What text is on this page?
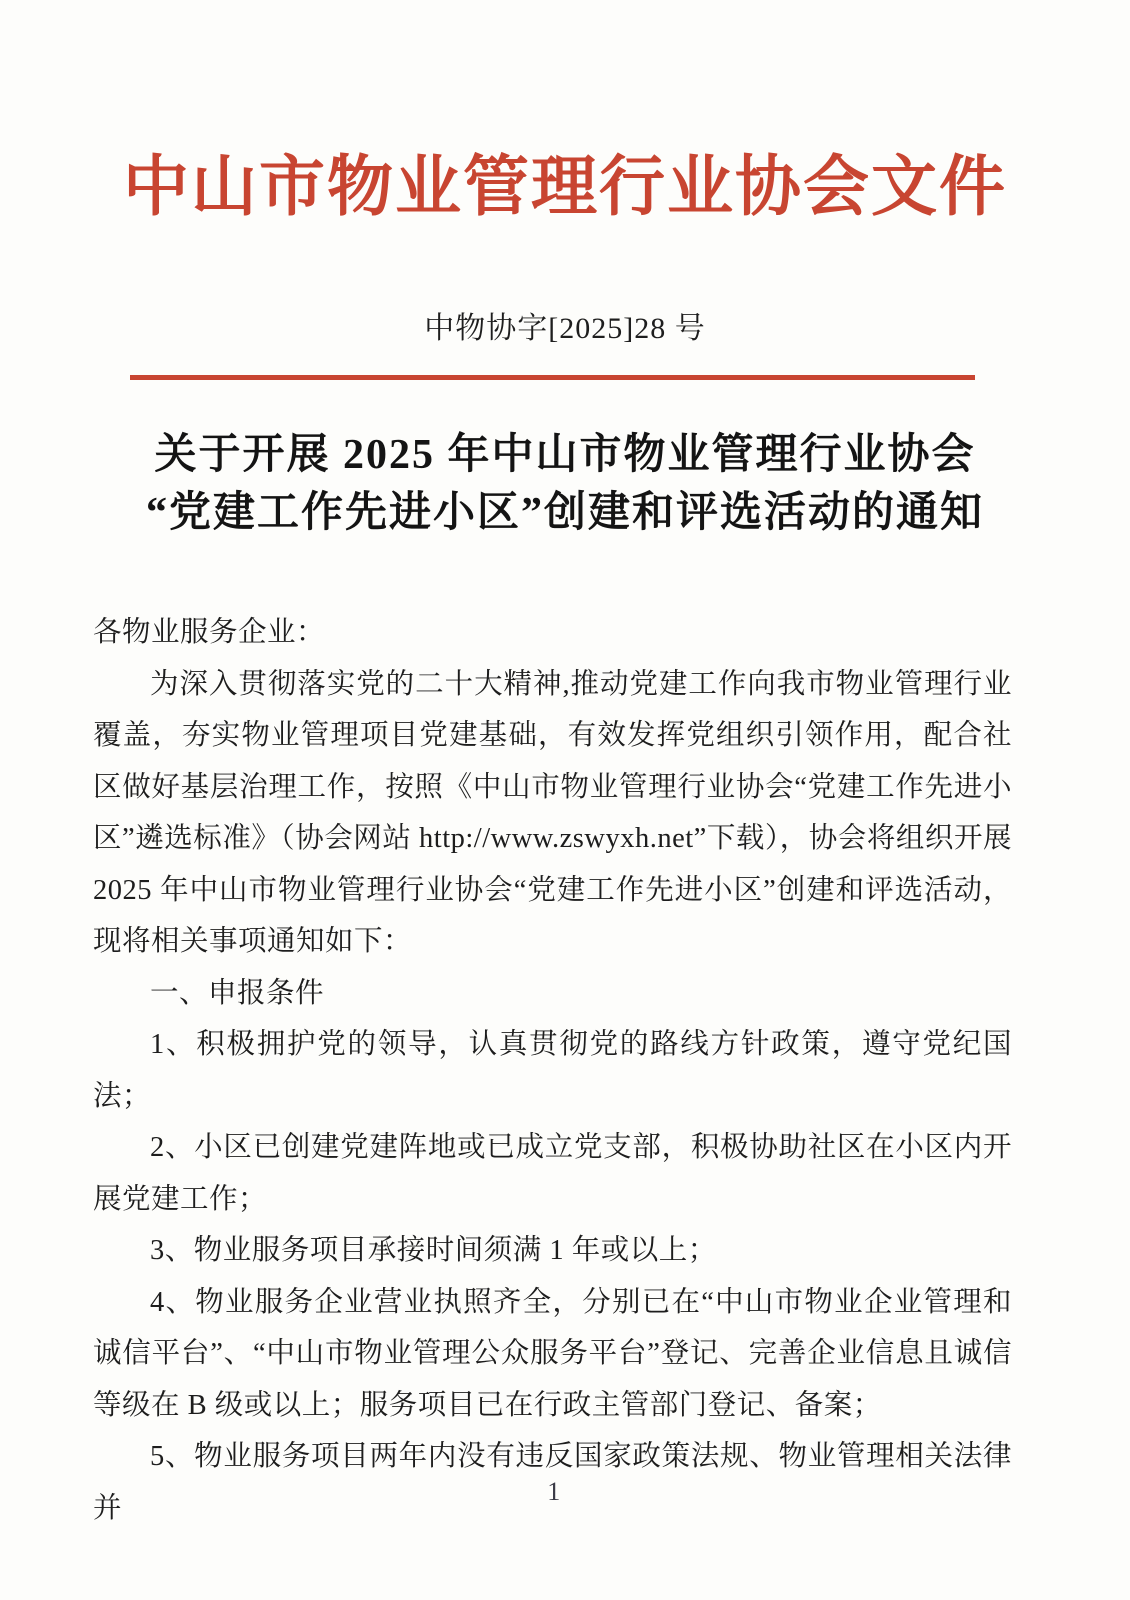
中山市物业管理行业协会文件
中物协字[2025]28 号
关于开展 2025 年中山市物业管理行业协会
“党建工作先进小区”创建和评选活动的通知

各物业服务企业：

为深入贯彻落实党的二十大精神,推动党建工作向我市物业管理行业覆盖，夯实物业管理项目党建基础，有效发挥党组织引领作用，配合社区做好基层治理工作，按照《中山市物业管理行业协会“党建工作先进小区”遴选标准》（协会网站 http://www.zswyxh.net”下载），协会将组织开展 2025 年中山市物业管理行业协会“党建工作先进小区”创建和评选活动，现将相关事项通知如下：

一、申报条件

1、积极拥护党的领导，认真贯彻党的路线方针政策，遵守党纪国法；

2、小区已创建党建阵地或已成立党支部，积极协助社区在小区内开展党建工作；

3、物业服务项目承接时间须满 1 年或以上；

4、物业服务企业营业执照齐全，分别已在“中山市物业企业管理和诚信平台”、“中山市物业管理公众服务平台”登记、完善企业信息且诚信等级在 B 级或以上；服务项目已在行政主管部门登记、备案；

5、物业服务项目两年内没有违反国家政策法规、物业管理相关法律并

1
